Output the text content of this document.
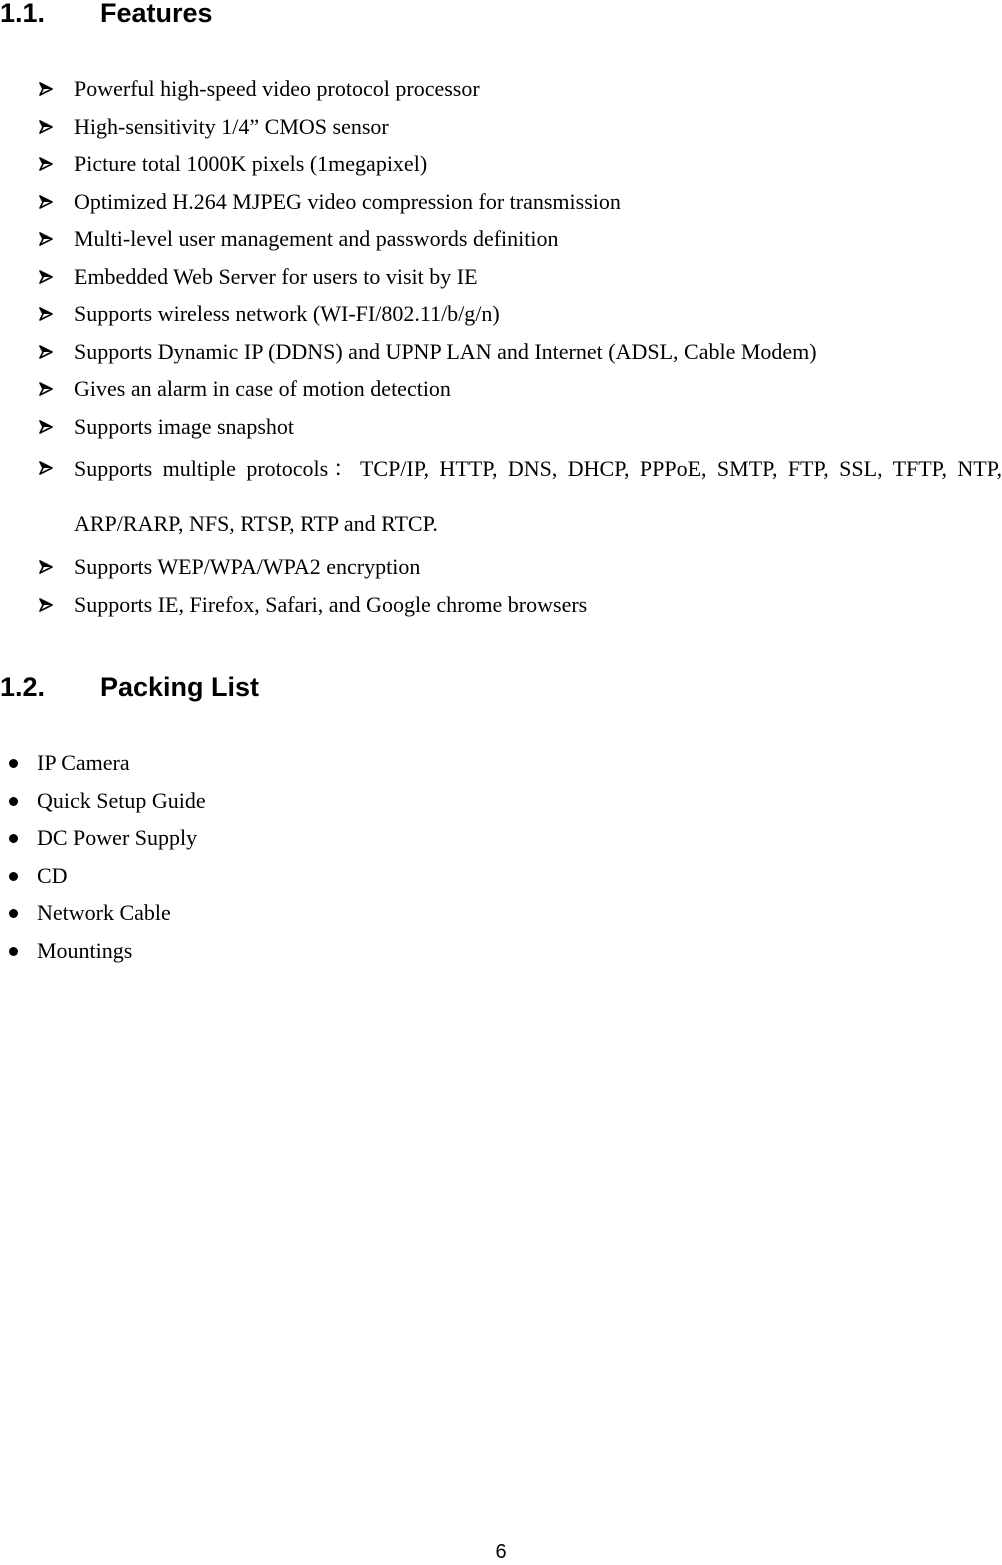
1.1. Features
Powerful high-speed video protocol processor
High-sensitivity 1/4” CMOS sensor
Picture total 1000K pixels (1megapixel)
Optimized H.264 MJPEG video compression for transmission
Multi-level user management and passwords definition
Embedded Web Server for users to visit by IE
Supports wireless network (WI-FI/802.11/b/g/n)
Supports Dynamic IP (DDNS) and UPNP LAN and Internet (ADSL, Cable Modem)
Gives an alarm in case of motion detection
Supports image snapshot
Supports multiple protocols：TCP/IP, HTTP, DNS, DHCP, PPPoE, SMTP, FTP, SSL, TFTP, NTP, ARP/RARP, NFS, RTSP, RTP and RTCP.
Supports WEP/WPA/WPA2 encryption
Supports IE, Firefox, Safari, and Google chrome browsers
1.2. Packing List
IP Camera
Quick Setup Guide
DC Power Supply
CD
Network Cable
Mountings
6
